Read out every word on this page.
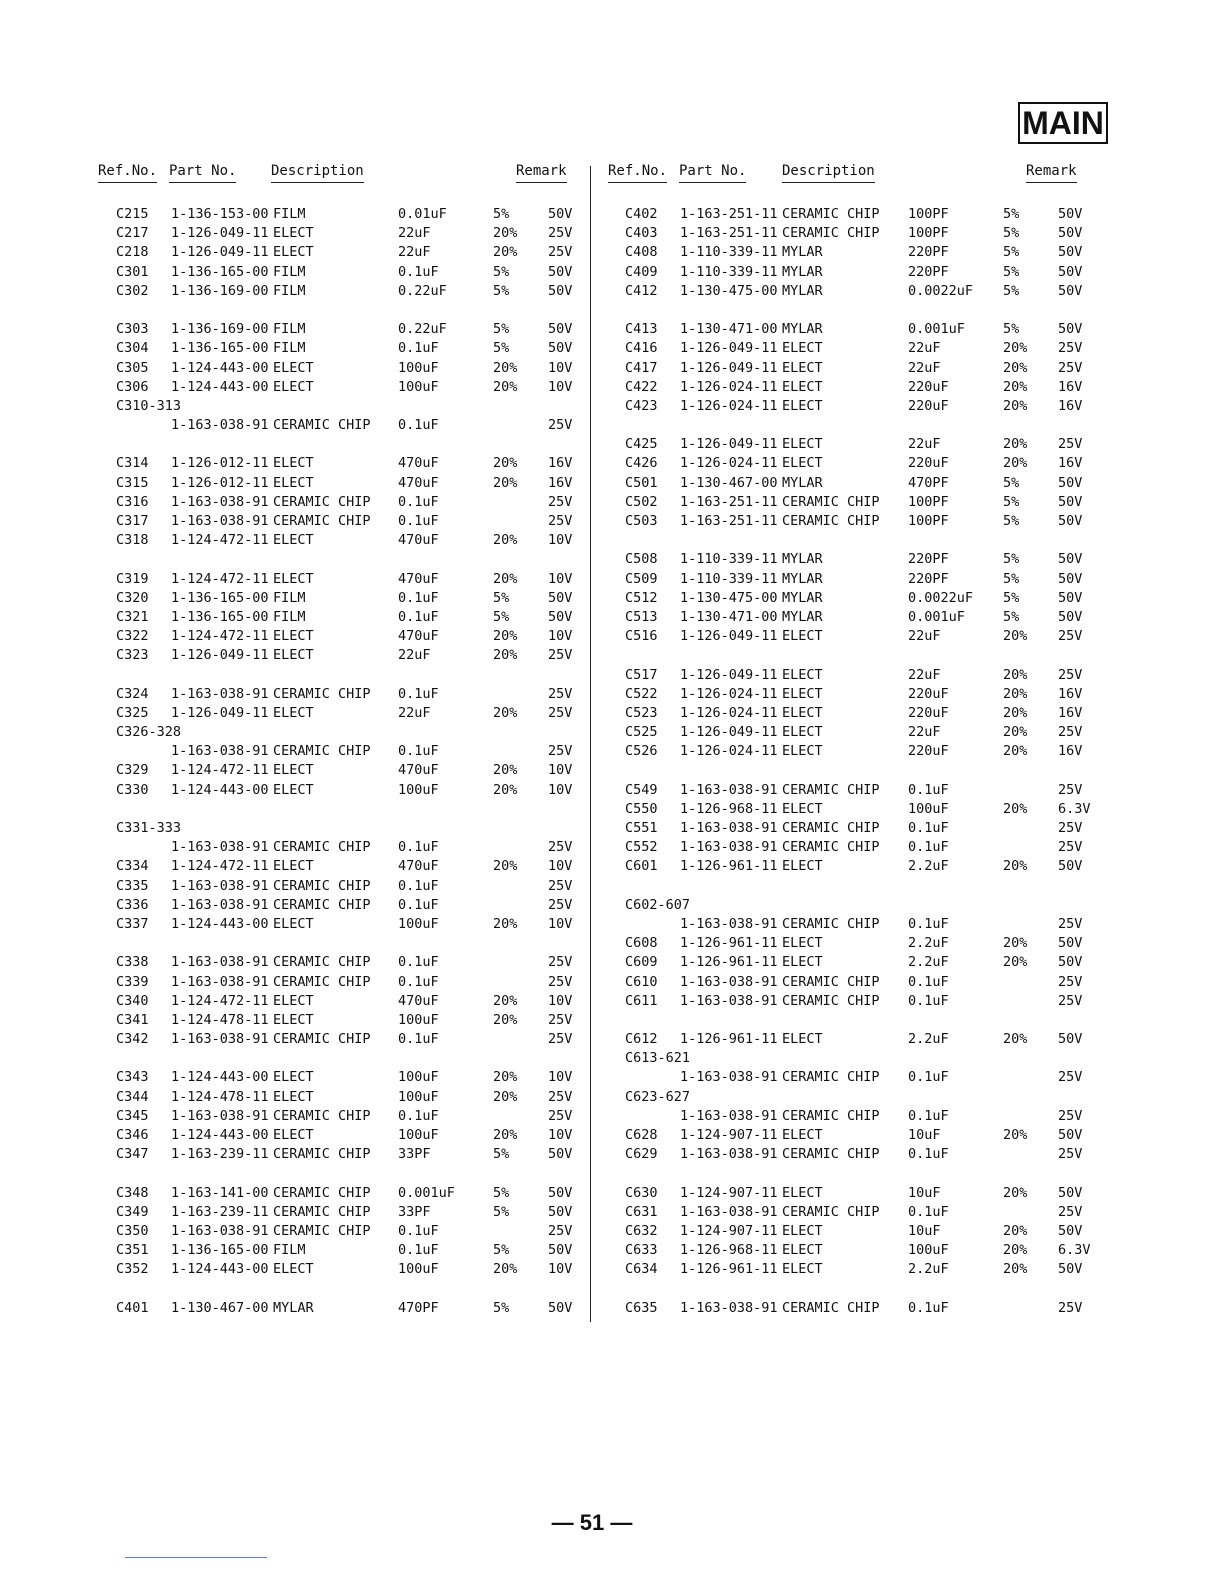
MAIN
Ref.No. Part No. Description	Remark
C215 1-136-153-00 FILM	0.01uF	5%	50V
C217 1-126-049-11 ELECT	22uF	20% 25V
C218 1-126-049-11 ELECT	22uF	20% 25V
C301 1-136-165-00 FILM	0.1uF	5%	50V
C302 1-136-169-00 FILM	0.22uF	5%	50V
C303 1-136-169-00 FILM	0.22uF	5%	50V
C304 1-136-165-00 FILM	0.1uF	5%	50V
C305 1-124-443-00 ELECT	100uF	20% 10V
C306 1-124-443-00 ELECT	100uF	20% 10V
C310-313
1-163-038-91 CERAMIC CHIP 0.1uF	25V
C314 1-126-012-11 ELECT	470uF	20% 16V
C315 1-126-012-11 ELECT	470uF	20% 16V
C316 1-163-038-91 CERAMIC CHIP 0.1uF	25V
C317 1-163-038-91 CERAMIC CHIP 0.1uF	25V
C318 1-124-472-11 ELECT	470uF	20% 10V
C319 1-124-472-11 ELECT	470uF	20% 10V
C320 1-136-165-00 FILM	0.1uF	5%	50V
C321 1-136-165-00 FILM	0.1uF	5%	50V
C322 1-124-472-11 ELECT	470uF	20% 10V
C323 1-126-049-11 ELECT	22uF	20% 25V
C324 1-163-038-91 CERAMIC CHIP 0.1uF	25V
C325 1-126-049-11 ELECT	22uF	20% 25V
C326-328
1-163-038-91 CERAMIC CHIP 0.1uF	25V
C329 1-124-472-11 ELECT	470uF	20% 10V
C330 1-124-443-00 ELECT	100uF	20% 10V
C331-333
1-163-038-91 CERAMIC CHIP 0.1uF	25V
C334 1-124-472-11 ELECT	470uF	20% 10V
C335 1-163-038-91 CERAMIC CHIP 0.1uF	25V
C336 1-163-038-91 CERAMIC CHIP 0.1uF	25V
C337 1-124-443-00 ELECT	100uF	20% 10V
C338 1-163-038-91 CERAMIC CHIP 0.1uF	25V
C339 1-163-038-91 CERAMIC CHIP 0.1uF	25V
C340 1-124-472-11 ELECT	470uF	20% 10V
C341 1-124-478-11 ELECT	100uF	20% 25V
C342 1-163-038-91 CERAMIC CHIP 0.1uF	25V
C343 1-124-443-00 ELECT	100uF	20% 10V
C344 1-124-478-11 ELECT	100uF	20% 25V
C345 1-163-038-91 CERAMIC CHIP 0.1uF	25V
C346 1-124-443-00 ELECT	100uF	20% 10V
C347 1-163-239-11 CERAMIC CHIP 33PF	5%	50V
C348 1-163-141-00 CERAMIC CHIP 0.001uF	5%	50V
C349 1-163-239-11 CERAMIC CHIP 33PF	5%	50V
C350 1-163-038-91 CERAMIC CHIP 0.1uF	25V
C351 1-136-165-00 FILM	0.1uF	5%	50V
C352 1-124-443-00 ELECT	100uF	20% 10V
C401 1-130-467-00 MYLAR	470PF	5%	50V
Ref.No. Part No.	Description	Remark
C402 1-163-251-11 CERAMIC CHIP 100PF	5%	50V
C403 1-163-251-11 CERAMIC CHIP 100PF	5%	50V
C408 1-110-339-11 MYLAR	220PF	5%	50V
C409 1-110-339-11 MYLAR	220PF	5%	50V
C412 1-130-475-00 MYLAR	0.0022uF 5%	50V
C413 1-130-471-00 MYLAR	0.001uF	5%	50V
C416 1-126-049-11 ELECT	22uF	20% 25V
C417 1-126-049-11 ELECT	22uF	20% 25V
C422 1-126-024-11 ELECT	220uF	20% 16V
C423 1-126-024-11 ELECT	220uF	20% 16V
C425 1-126-049-11 ELECT	22uF	20% 25V
C426 1-126-024-11 ELECT	220uF	20% 16V
C501 1-130-467-00 MYLAR	470PF	5%	50V
C502 1-163-251-11 CERAMIC CHIP 100PF	5%	50V
C503 1-163-251-11 CERAMIC CHIP 100PF	5%	50V
C508 1-110-339-11 MYLAR	220PF	5%	50V
C509 1-110-339-11 MYLAR	220PF	5%	50V
C512 1-130-475-00 MYLAR	0.0022uF 5%	50V
C513 1-130-471-00 MYLAR	0.001uF	5%	50V
C516 1-126-049-11 ELECT	22uF	20% 25V
C517 1-126-049-11 ELECT	22uF	20% 25V
C522 1-126-024-11 ELECT	220uF	20% 16V
C523 1-126-024-11 ELECT	220uF	20% 16V
C525 1-126-049-11 ELECT	22uF	20% 25V
C526 1-126-024-11 ELECT	220uF	20% 16V
C549 1-163-038-91 CERAMIC CHIP 0.1uF	25V
C550 1-126-968-11 ELECT	100uF	20% 6.3V
C551 1-163-038-91 CERAMIC CHIP 0.1uF	25V
C552 1-163-038-91 CERAMIC CHIP 0.1uF	25V
C601 1-126-961-11 ELECT	2.2uF	20% 50V
C602-607
1-163-038-91 CERAMIC CHIP 0.1uF	25V
C608 1-126-961-11 ELECT	2.2uF	20% 50V
C609 1-126-961-11 ELECT	2.2uF	20% 50V
C610 1-163-038-91 CERAMIC CHIP 0.1uF	25V
C611 1-163-038-91 CERAMIC CHIP 0.1uF	25V
C612 1-126-961-11 ELECT	2.2uF	20% 50V
C613-621
1-163-038-91 CERAMIC CHIP 0.1uF	25V
C623-627
1-163-038-91 CERAMIC CHIP 0.1uF	25V
C628 1-124-907-11 ELECT	10uF	20% 50V
C629 1-163-038-91 CERAMIC CHIP 0.1uF	25V
C630 1-124-907-11 ELECT	10uF	20% 50V
C631 1-163-038-91 CERAMIC CHIP 0.1uF	25V
C632 1-124-907-11 ELECT	10uF	20% 50V
C633 1-126-968-11 ELECT	100uF	20% 6.3V
C634 1-126-961-11 ELECT	2.2uF	20% 50V
C635 1-163-038-91 CERAMIC CHIP 0.1uF	25V
— 51 —
